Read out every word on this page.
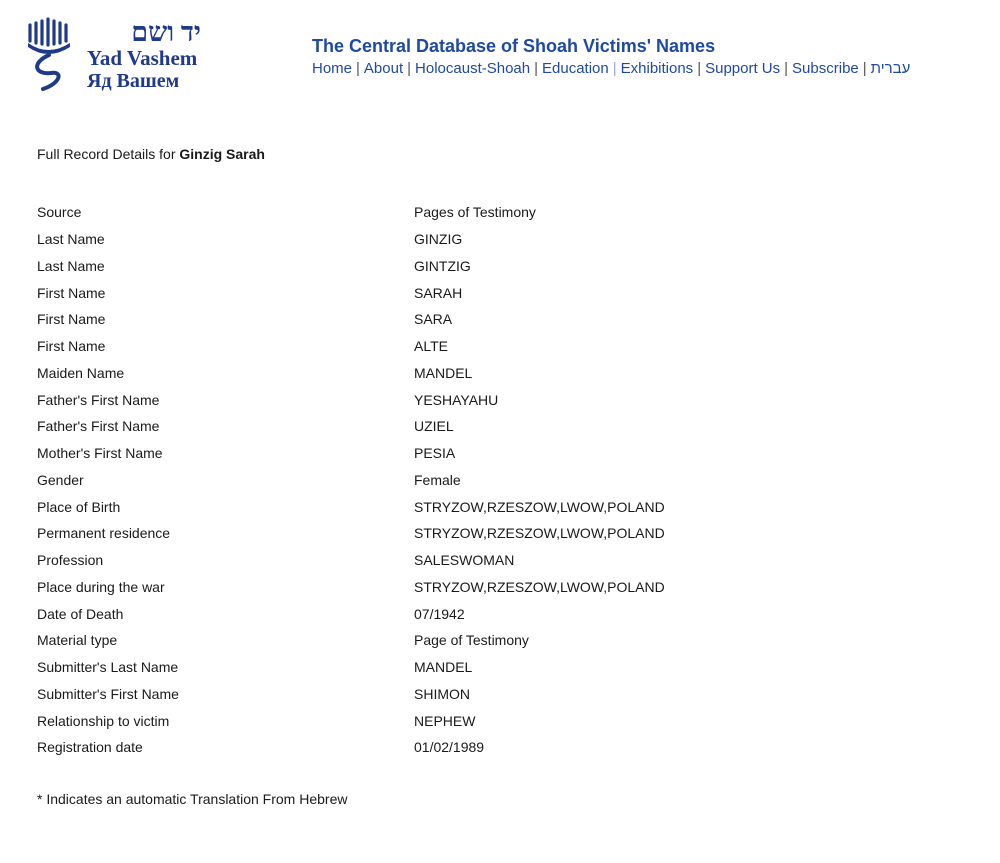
יד ושם
Yad Vashem
Яд Вашем
The Central Database of Shoah Victims' Names
Home | About | Holocaust-Shoah | Education | Exhibitions | Support Us | Subscribe | עברית
Full Record Details for Ginzig Sarah
Source	Pages of Testimony
Last Name	GINZIG
Last Name	GINTZIG
First Name	SARAH
First Name	SARA
First Name	ALTE
Maiden Name	MANDEL
Father's First Name	YESHAYAHU
Father's First Name	UZIEL
Mother's First Name	PESIA
Gender	Female
Place of Birth	STRYZOW,RZESZOW,LWOW,POLAND
Permanent residence	STRYZOW,RZESZOW,LWOW,POLAND
Profession	SALESWOMAN
Place during the war	STRYZOW,RZESZOW,LWOW,POLAND
Date of Death	07/1942
Material type	Page of Testimony
Submitter's Last Name	MANDEL
Submitter's First Name	SHIMON
Relationship to victim	NEPHEW
Registration date	01/02/1989
* Indicates an automatic Translation From Hebrew
